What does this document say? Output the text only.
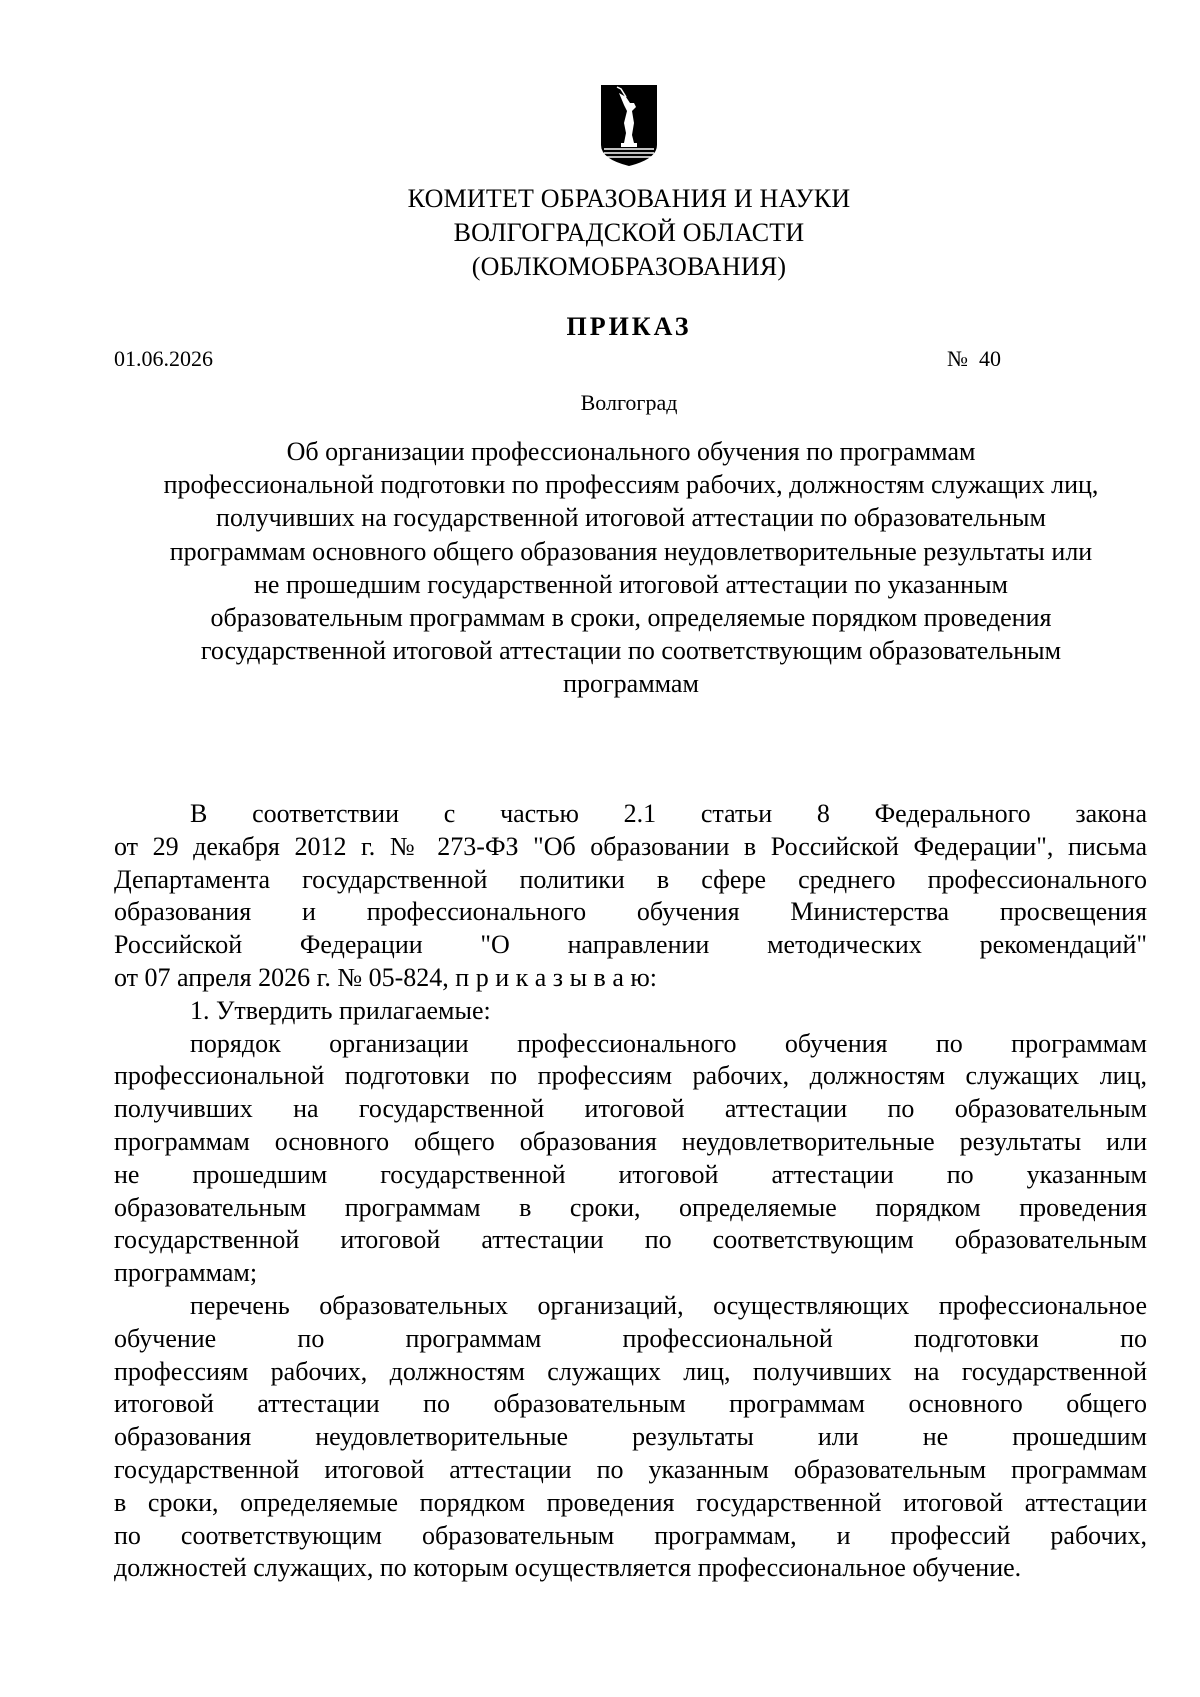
КОМИТЕТ ОБРАЗОВАНИЯ И НАУКИ
ВОЛГОГРАДСКОЙ ОБЛАСТИ
(ОБЛКОМОБРАЗОВАНИЯ)
ПРИКАЗ
01.06.2026	№  40
Волгоград
Об организации профессионального обучения по программам
профессиональной подготовки по профессиям рабочих, должностям служащих лиц,
получивших на государственной итоговой аттестации по образовательным
программам основного общего образования неудовлетворительные результаты или
не прошедшим государственной итоговой аттестации по указанным
образовательным программам в сроки, определяемые порядком проведения
государственной итоговой аттестации по соответствующим образовательным
программам
В соответствии с частью 2.1 статьи 8 Федерального закона
от 29 декабря 2012 г. № 273-ФЗ "Об образовании в Российской Федерации", письма
Департамента государственной политики в сфере среднего профессионального
образования и профессионального обучения Министерства просвещения
Российской Федерации "О направлении методических рекомендаций"
от 07 апреля 2026 г. № 05-824, п р и к а з ы в а ю:
1. Утвердить прилагаемые:
порядок организации профессионального обучения по программам
профессиональной подготовки по профессиям рабочих, должностям служащих лиц,
получивших на государственной итоговой аттестации по образовательным
программам основного общего образования неудовлетворительные результаты или
не прошедшим государственной итоговой аттестации по указанным
образовательным программам в сроки, определяемые порядком проведения
государственной итоговой аттестации по соответствующим образовательным
программам;
перечень образовательных организаций, осуществляющих профессиональное
обучение по программам профессиональной подготовки по
профессиям рабочих, должностям служащих лиц, получивших на государственной
итоговой аттестации по образовательным программам основного общего
образования неудовлетворительные результаты или не прошедшим
государственной итоговой аттестации по указанным образовательным программам
в сроки, определяемые порядком проведения государственной итоговой аттестации
по соответствующим образовательным программам, и профессий рабочих,
должностей служащих, по которым осуществляется профессиональное обучение.
